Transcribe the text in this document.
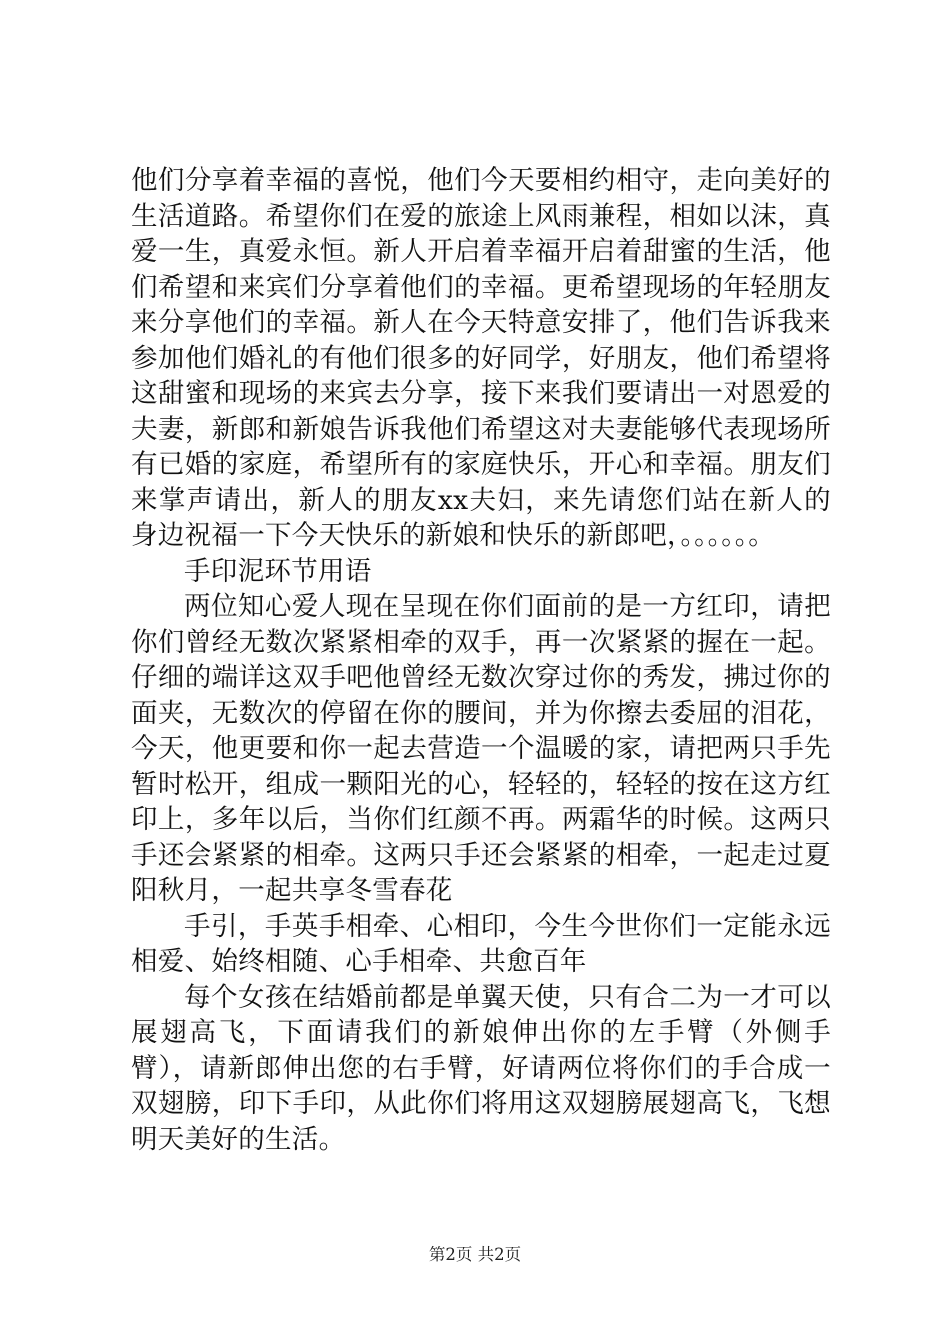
他们分享着幸福的喜悦，他们今天要相约相守，走向美好的生活道路。希望你们在爱的旅途上风雨兼程，相如以沫，真爱一生，真爱永恒。新人开启着幸福开启着甜蜜的生活，他们希望和来宾们分享着他们的幸福。更希望现场的年轻朋友来分享他们的幸福。新人在今天特意安排了，他们告诉我来参加他们婚礼的有他们很多的好同学，好朋友，他们希望将这甜蜜和现场的来宾去分享，接下来我们要请出一对恩爱的夫妻，新郎和新娘告诉我他们希望这对夫妻能够代表现场所有已婚的家庭，希望所有的家庭快乐，开心和幸福。朋友们来掌声请出，新人的朋友xx夫妇，来先请您们站在新人的身边祝福一下今天快乐的新娘和快乐的新郎吧，。。。。。。

手印泥环节用语

两位知心爱人现在呈现在你们面前的是一方红印，请把你们曾经无数次紧紧相牵的双手，再一次紧紧的握在一起。仔细的端详这双手吧他曾经无数次穿过你的秀发，拂过你的面夹，无数次的停留在你的腰间，并为你擦去委屈的泪花，今天，他更要和你一起去营造一个温暖的家，请把两只手先暂时松开，组成一颗阳光的心，轻轻的，轻轻的按在这方红印上，多年以后，当你们红颜不再。两霜华的时候。这两只手还会紧紧的相牵。这两只手还会紧紧的相牵，一起走过夏阳秋月，一起共享冬雪春花

手引，手英手相牵、心相印，今生今世你们一定能永远相爱、始终相随、心手相牵、共愈百年

每个女孩在结婚前都是单翼天使，只有合二为一才可以展翅高飞，下面请我们的新娘伸出你的左手臂（外侧手臂），请新郎伸出您的右手臂，好请两位将你们的手合成一双翅膀，印下手印，从此你们将用这双翅膀展翅高飞，飞想明天美好的生活。

第2页 共2页
